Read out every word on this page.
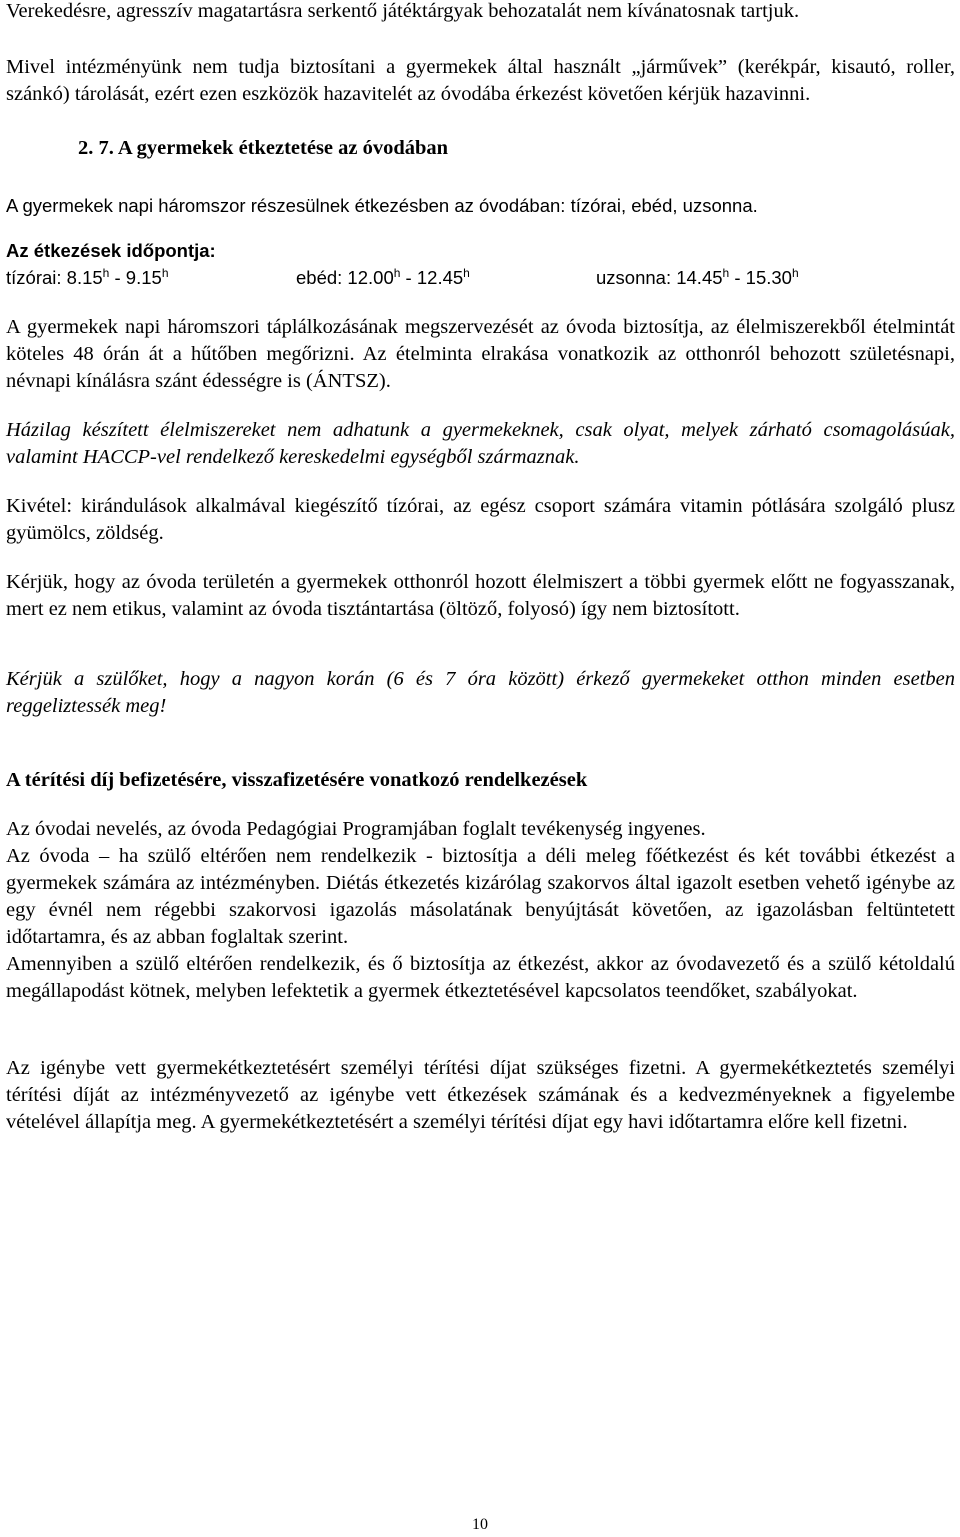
Verekedésre, agresszív magatartásra serkentő játéktárgyak behozatalát nem kívánatosnak tartjuk.

Mivel intézményünk nem tudja biztosítani a gyermekek által használt „járművek” (kerékpár, kisautó, roller, szánkó) tárolását, ezért ezen eszközök hazavitelét az óvodába érkezést követően kérjük hazavinni.

2. 7. A gyermekek étkeztetése az óvodában

A gyermekek napi háromszor részesülnek étkezésben az óvodában: tízórai, ebéd, uzsonna.

Az étkezések időpontja:

tízórai: 8.15$^h$ - 9.15$^h$	ebéd: 12.00$^h$ - 12.45$^h$	uzsonna: 14.45$^h$ - 15.30$^h$

A gyermekek napi háromszori táplálkozásának megszervezését az óvoda biztosítja, az élelmiszerekből ételmintát köteles 48 órán át a hűtőben megőrizni. Az ételminta elrakása vonatkozik az otthonról behozott születésnapi, névnapi kínálásra szánt édességre is (ÁNTSZ).

Házilag készített élelmiszereket nem adhatunk a gyermekeknek, csak olyat, melyek zárható csomagolásúak, valamint HACCP-vel rendelkező kereskedelmi egységből származnak.

Kivétel: kirándulások alkalmával kiegészítő tízórai, az egész csoport számára vitamin pótlására szolgáló plusz gyümölcs, zöldség.

Kérjük, hogy az óvoda területén a gyermekek otthonról hozott élelmiszert a többi gyermek előtt ne fogyasszanak, mert ez nem etikus, valamint az óvoda tisztántartása (öltöző, folyosó) így nem biztosított.

Kérjük a szülőket, hogy a nagyon korán (6 és 7 óra között) érkező gyermekeket otthon minden esetben reggeliztessék meg!

A térítési díj befizetésére, visszafizetésére vonatkozó rendelkezések

Az óvodai nevelés, az óvoda Pedagógiai Programjában foglalt tevékenység ingyenes.

Az óvoda – ha szülő eltérően nem rendelkezik - biztosítja a déli meleg főétkezést és két további étkezést a gyermekek számára az intézményben. Diétás étkezetés kizárólag szakorvos által igazolt esetben vehető igénybe az egy évnél nem régebbi szakorvosi igazolás másolatának benyújtását követően, az igazolásban feltüntetett időtartamra, és az abban foglaltak szerint.

Amennyiben a szülő eltérően rendelkezik, és ő biztosítja az étkezést, akkor az óvodavezető és a szülő kétoldalú megállapodást kötnek, melyben lefektetik a gyermek étkeztetésével kapcsolatos teendőket, szabályokat.

Az igénybe vett gyermekétkeztetésért személyi térítési díjat szükséges fizetni. A gyermekétkeztetés személyi térítési díját az intézményvezető az igénybe vett étkezések számának és a kedvezményeknek a figyelembe vételével állapítja meg. A gyermekétkeztetésért a személyi térítési díjat egy havi időtartamra előre kell fizetni.

10
